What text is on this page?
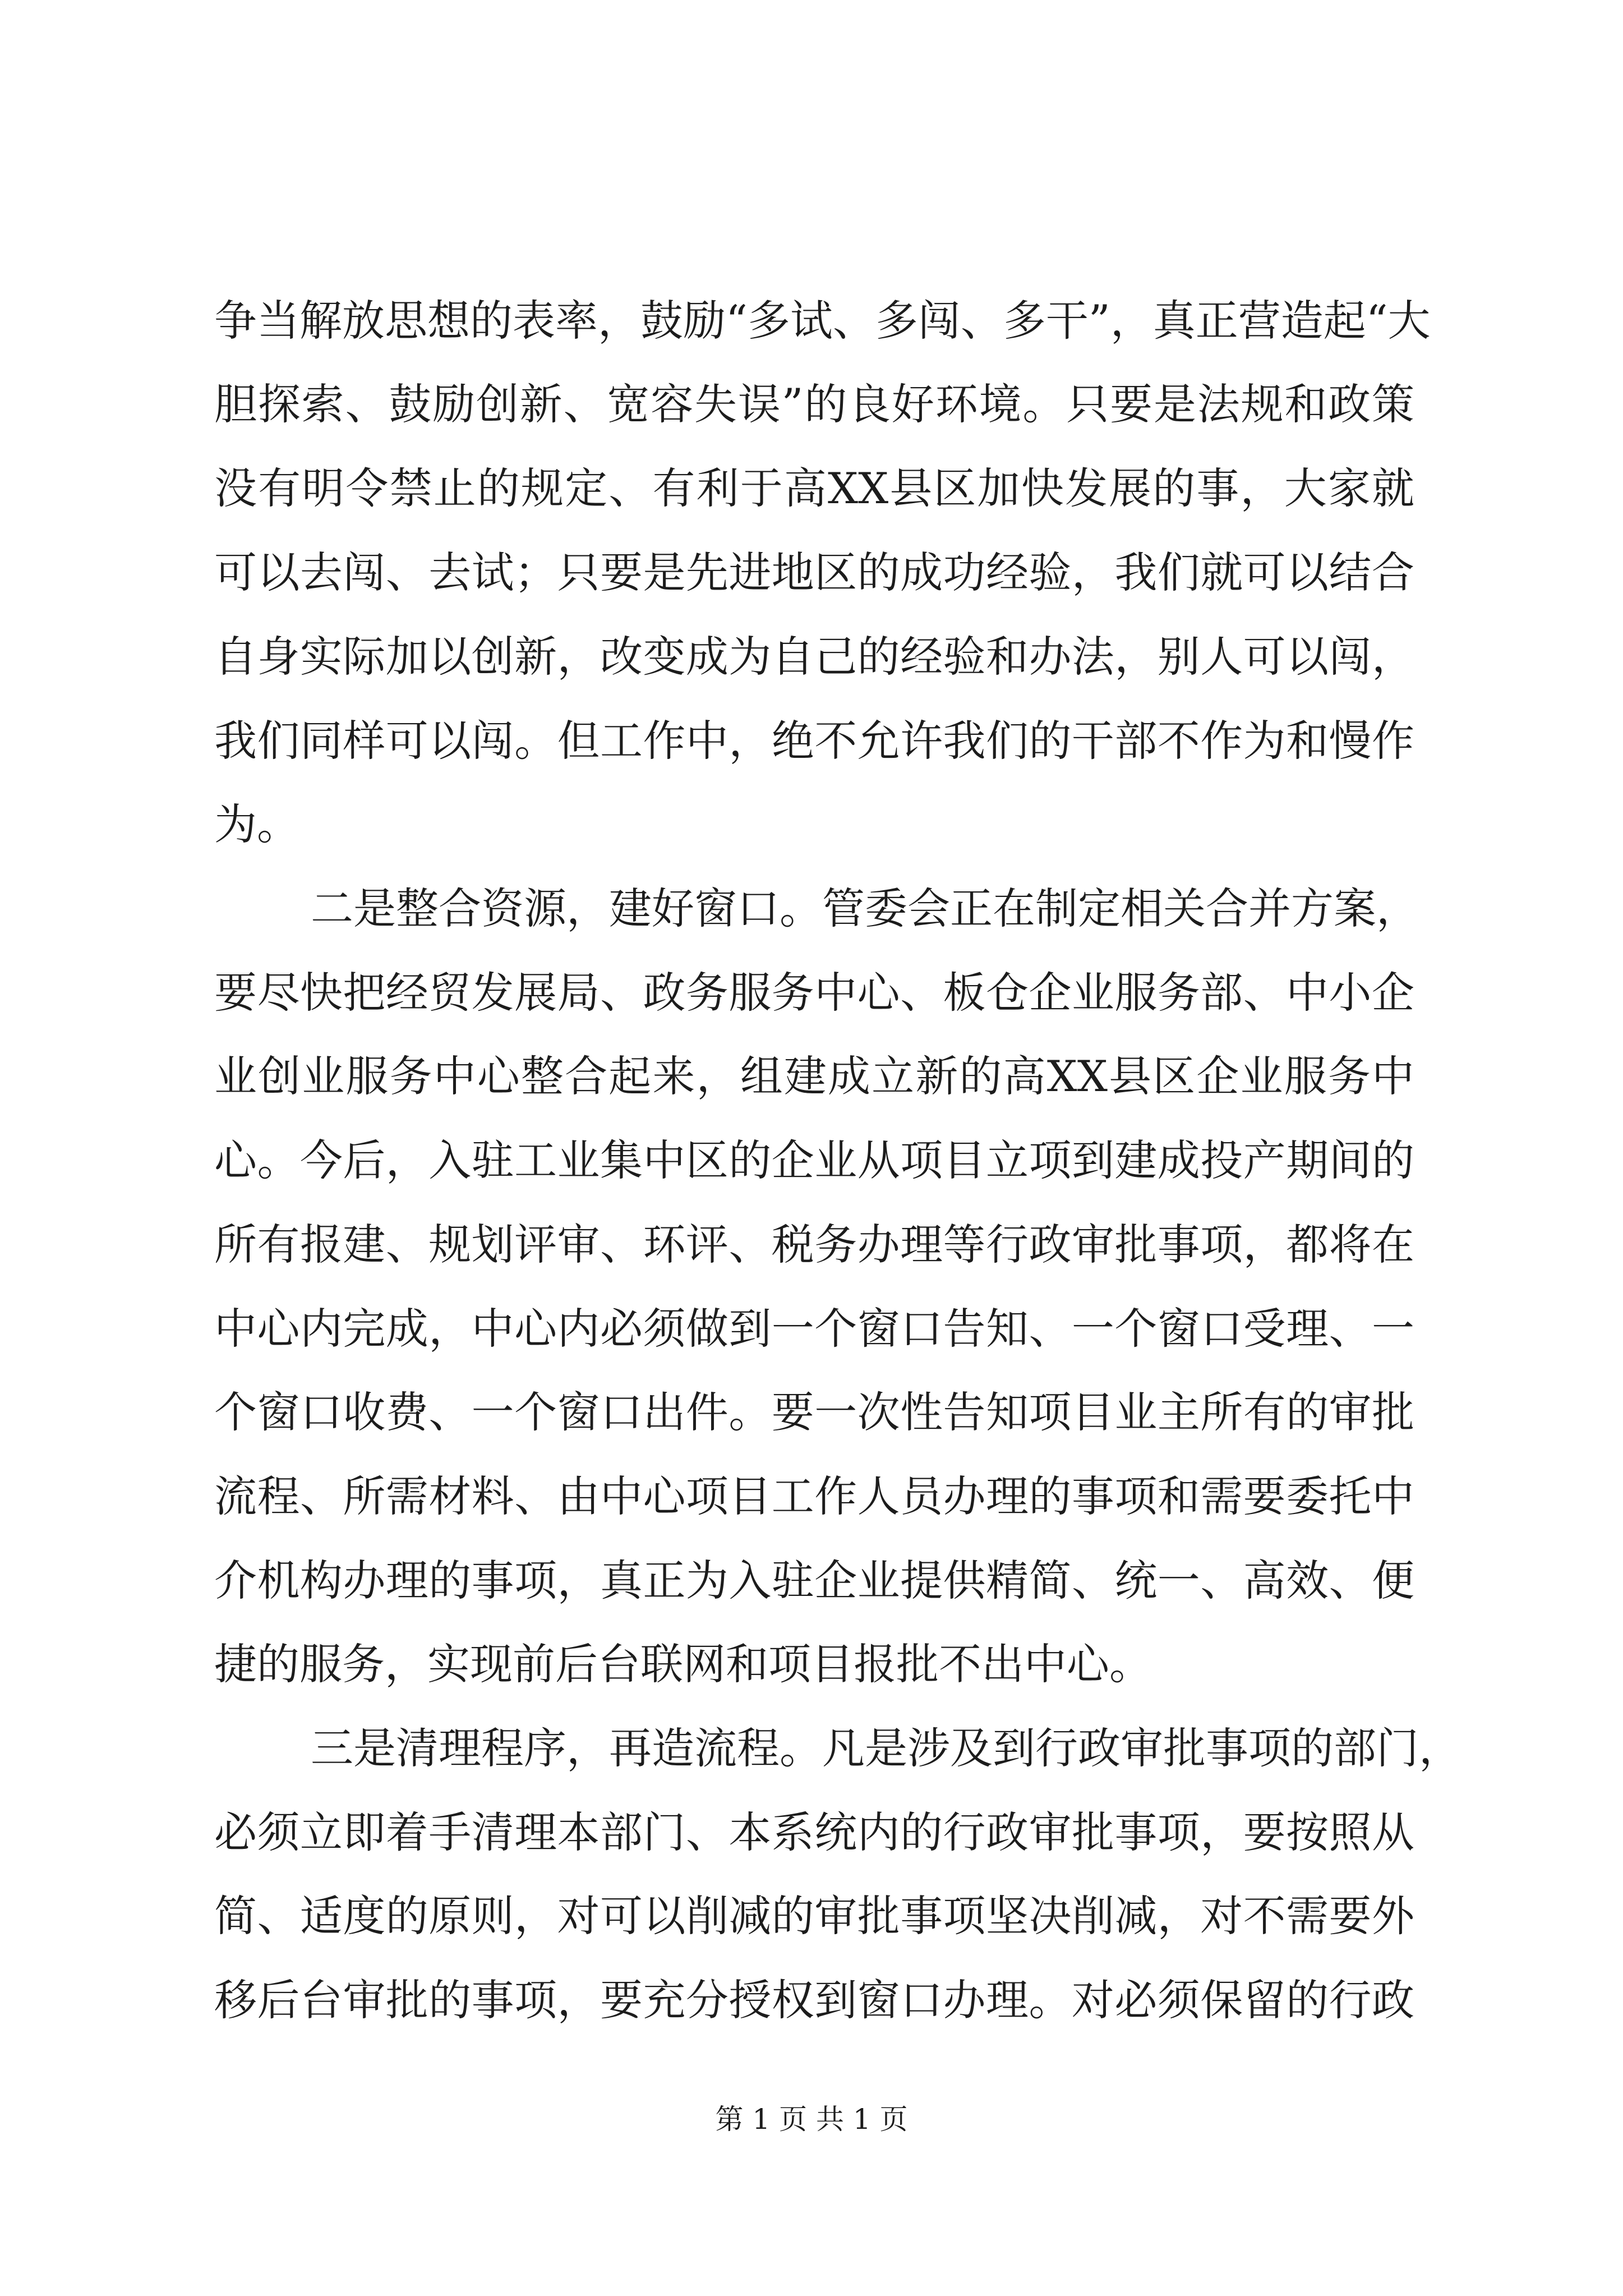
争当解放思想的表率，鼓励“多试、多闯、多干”，真正营造起“大
胆探索、鼓励创新、宽容失误”的良好环境。只要是法规和政策
没有明令禁止的规定、有利于高XX县区加快发展的事，大家就
可以去闯、去试；只要是先进地区的成功经验，我们就可以结合
自身实际加以创新，改变成为自己的经验和办法，别人可以闯，
我们同样可以闯。但工作中，绝不允许我们的干部不作为和慢作
为。
二是整合资源，建好窗口。管委会正在制定相关合并方案，
要尽快把经贸发展局、政务服务中心、板仓企业服务部、中小企
业创业服务中心整合起来，组建成立新的高XX县区企业服务中
心。今后，入驻工业集中区的企业从项目立项到建成投产期间的
所有报建、规划评审、环评、税务办理等行政审批事项，都将在
中心内完成，中心内必须做到一个窗口告知、一个窗口受理、一
个窗口收费、一个窗口出件。要一次性告知项目业主所有的审批
流程、所需材料、由中心项目工作人员办理的事项和需要委托中
介机构办理的事项，真正为入驻企业提供精简、统一、高效、便
捷的服务，实现前后台联网和项目报批不出中心。
三是清理程序，再造流程。凡是涉及到行政审批事项的部门，
必须立即着手清理本部门、本系统内的行政审批事项，要按照从
简、适度的原则，对可以削减的审批事项坚决削减，对不需要外
移后台审批的事项，要充分授权到窗口办理。对必须保留的行政
第 1 页 共 1 页
